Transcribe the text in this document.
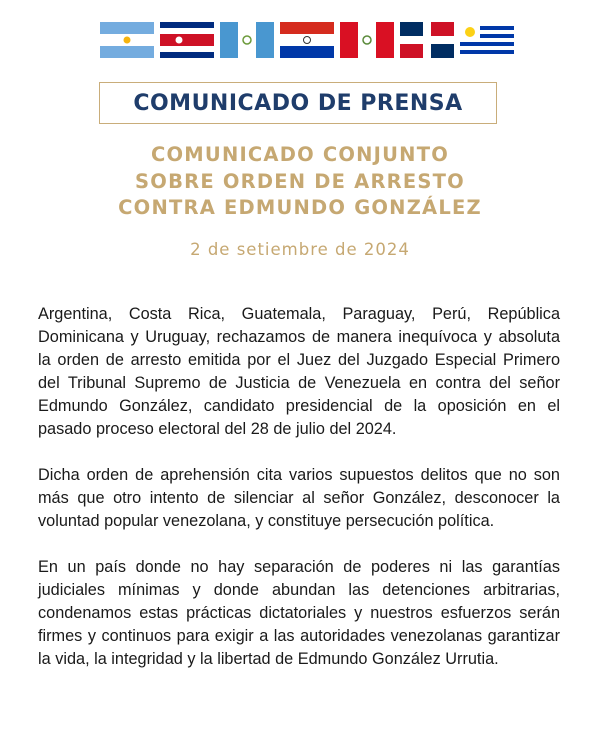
COMUNICADO DE PRENSA
COMUNICADO CONJUNTO
SOBRE ORDEN DE ARRESTO
CONTRA EDMUNDO GONZÁLEZ
2 de setiembre de 2024

Argentina, Costa Rica, Guatemala, Paraguay, Perú, República Dominicana y Uruguay, rechazamos de manera inequívoca y absoluta la orden de arresto emitida por el Juez del Juzgado Especial Primero del Tribunal Supremo de Justicia de Venezuela en contra del señor Edmundo González, candidato presidencial de la oposición en el pasado proceso electoral del 28 de julio del 2024.

Dicha orden de aprehensión cita varios supuestos delitos que no son más que otro intento de silenciar al señor González, desconocer la voluntad popular venezolana, y constituye persecución política.

En un país donde no hay separación de poderes ni las garantías judiciales mínimas y donde abundan las detenciones arbitrarias, condenamos estas prácticas dictatoriales y nuestros esfuerzos serán firmes y continuos para exigir a las autoridades venezolanas garantizar la vida, la integridad y la libertad de Edmundo González Urrutia.
